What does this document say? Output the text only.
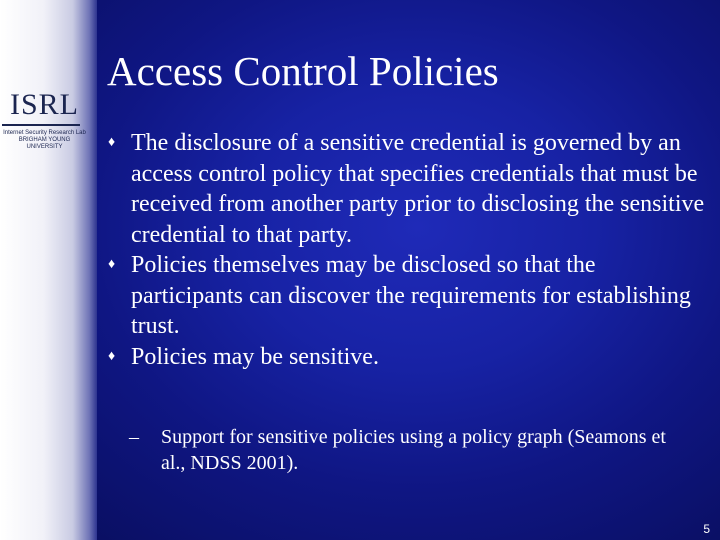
ISRL
Internet Security Research Lab
BRIGHAM YOUNG
UNIVERSITY
Access Control Policies
♦ The disclosure of a sensitive credential is governed by an access control policy that specifies credentials that must be received from another party prior to disclosing the sensitive credential to that party.
♦ Policies themselves may be disclosed so that the participants can discover the requirements for establishing trust.
♦ Policies may be sensitive.
– Support for sensitive policies using a policy graph (Seamons et al., NDSS 2001).
5
